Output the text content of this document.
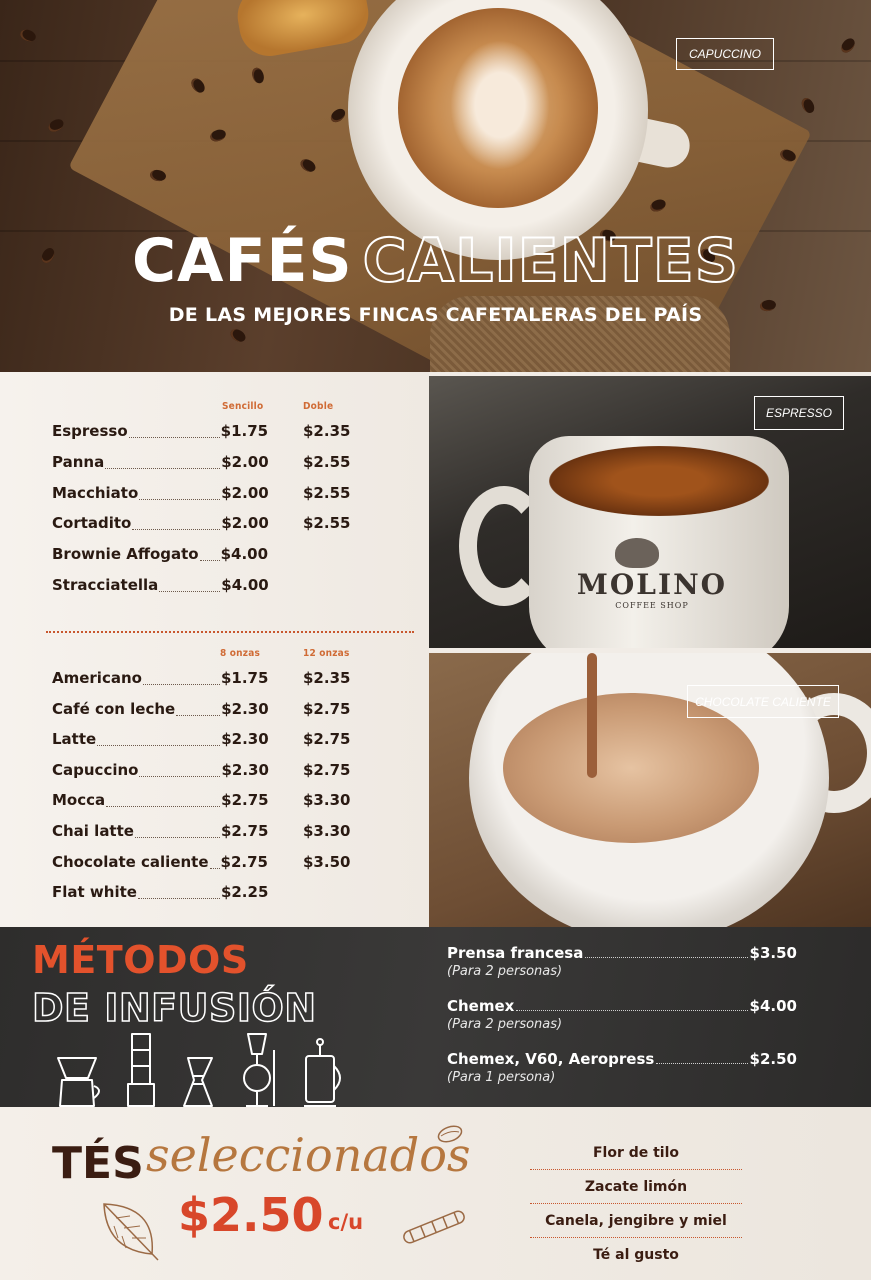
CAPUCCINO
CAFÉS CALIENTES
DE LAS MEJORES FINCAS CAFETALERAS DEL PAÍS
Sencillo	Doble
Espresso	$1.75 $2.35
Panna	$2.00 $2.55
Macchiato	$2.00 $2.55
Cortadito	$2.00 $2.55
Brownie Affogato $4.00
Stracciatella	$4.00
8 onzas	12 onzas
Americano	$1.75 $2.35
Café con leche	$2.30 $2.75
Latte	$2.30 $2.75
Capuccino	$2.30 $2.75
Mocca	$2.75 $3.30
Chai latte	$2.75 $3.30
Chocolate caliente $2.75 $3.50
Flat white	$2.25
MOLINO
COFFEE SHOP
ESPRESSO
CHOCOLATE CALIENTE
MÉTODOS
DE INFUSIÓN
Prensa francesa	$3.50
(Para 2 personas)
Chemex	$4.00
(Para 2 personas)
Chemex, V60, Aeropress	$2.50
(Para 1 persona)
TÉS seleccionados
$2.50 c/u
Flor de tilo
Zacate limón
Canela, jengibre y miel
Té al gusto
